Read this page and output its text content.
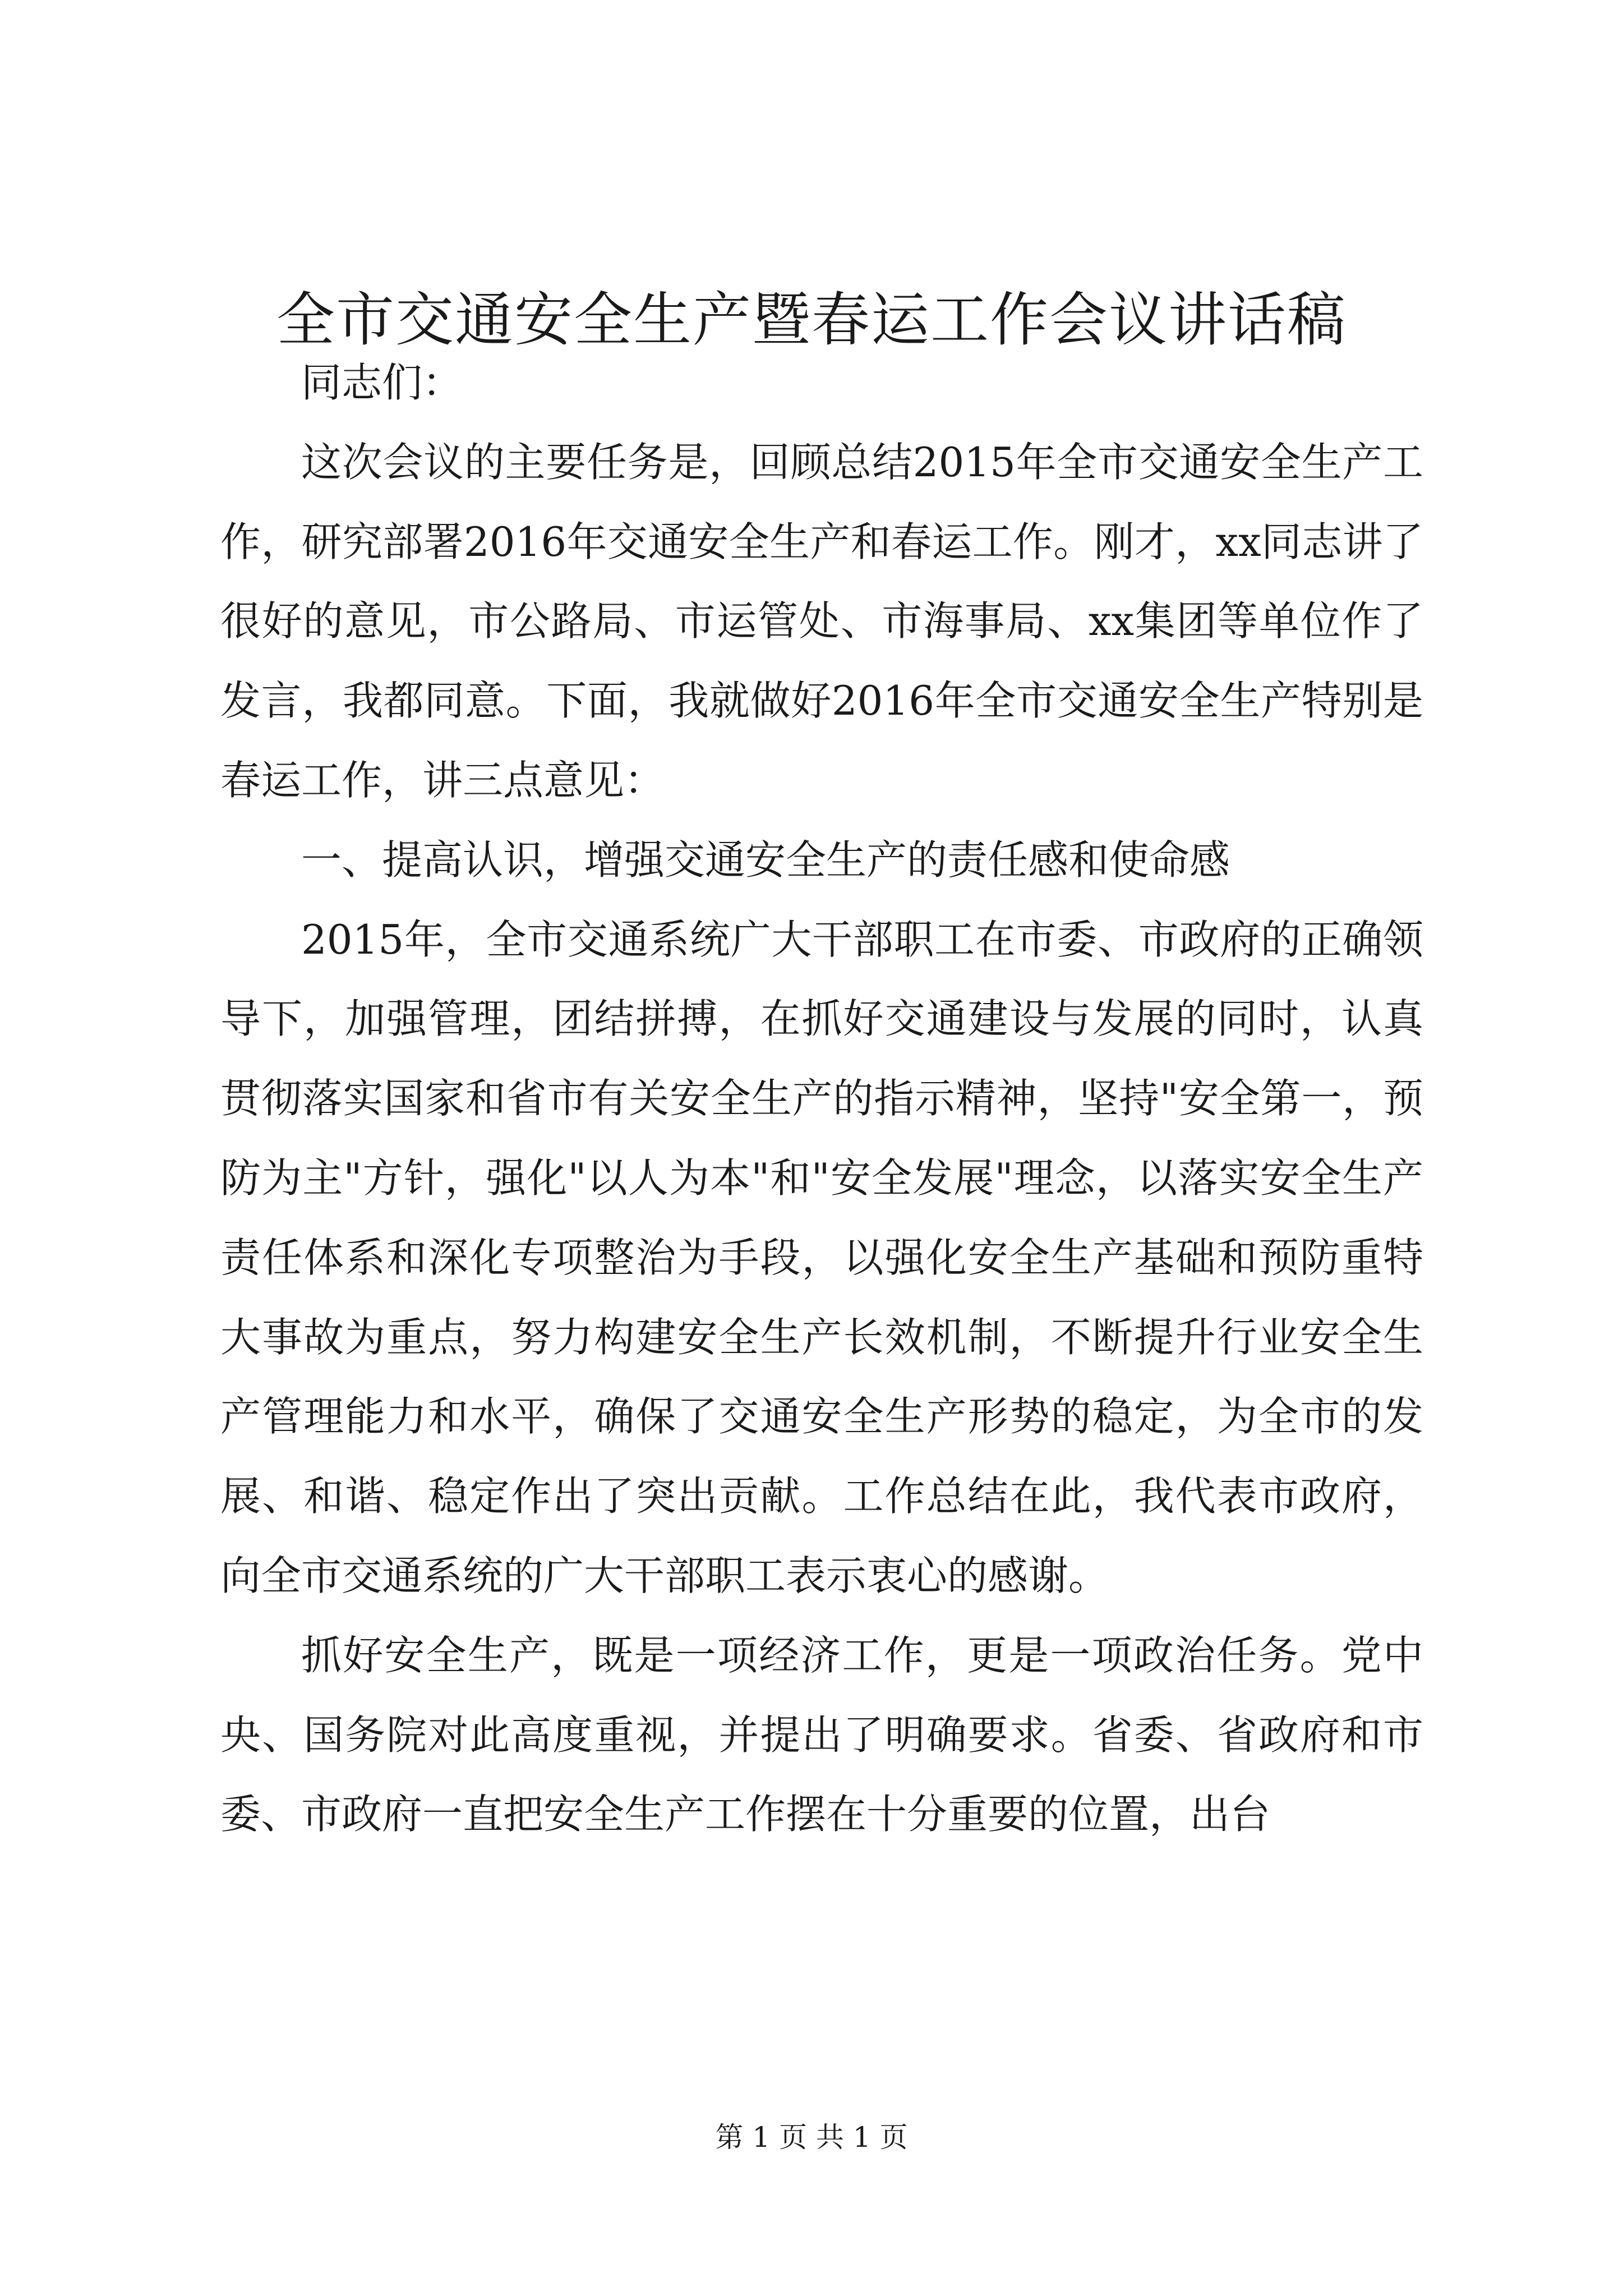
全市交通安全生产暨春运工作会议讲话稿

同志们：

这次会议的主要任务是，回顾总结2015年全市交通安全生产工作，研究部署2016年交通安全生产和春运工作。刚才，xx同志讲了很好的意见，市公路局、市运管处、市海事局、xx集团等单位作了发言，我都同意。下面，我就做好2016年全市交通安全生产特别是春运工作，讲三点意见：

一、提高认识，增强交通安全生产的责任感和使命感

2015年，全市交通系统广大干部职工在市委、市政府的正确领导下，加强管理，团结拼搏，在抓好交通建设与发展的同时，认真贯彻落实国家和省市有关安全生产的指示精神，坚持"安全第一，预防为主"方针，强化"以人为本"和"安全发展"理念，以落实安全生产责任体系和深化专项整治为手段，以强化安全生产基础和预防重特大事故为重点，努力构建安全生产长效机制，不断提升行业安全生产管理能力和水平，确保了交通安全生产形势的稳定，为全市的发展、和谐、稳定作出了突出贡献。工作总结在此，我代表市政府，向全市交通系统的广大干部职工表示衷心的感谢。

抓好安全生产，既是一项经济工作，更是一项政治任务。党中央、国务院对此高度重视，并提出了明确要求。省委、省政府和市委、市政府一直把安全生产工作摆在十分重要的位置，出台

第 1 页 共 1 页
